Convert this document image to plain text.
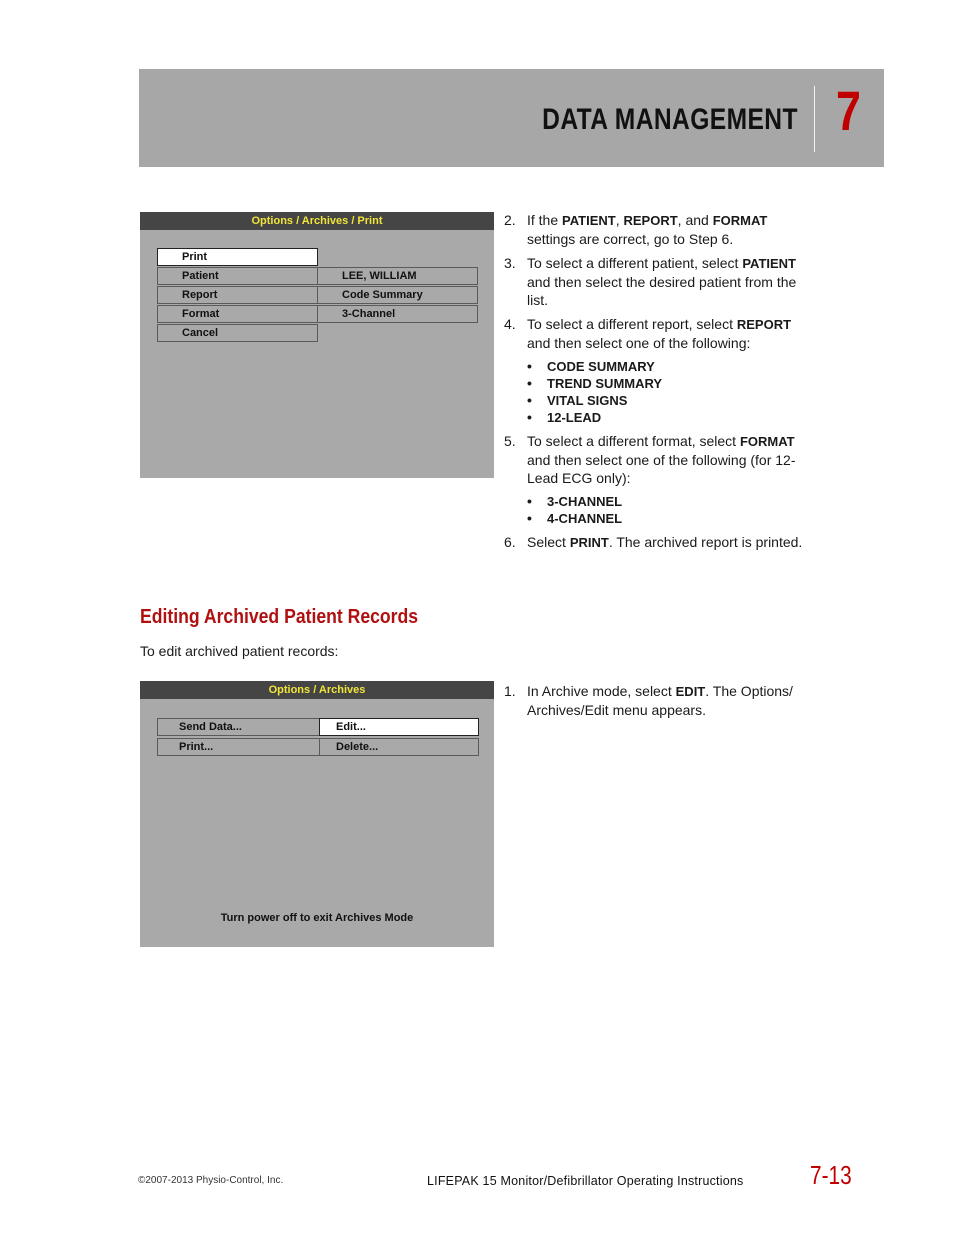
DATA MANAGEMENT 7
Options / Archives / Print
Print
Patient	LEE, WILLIAM
Report	Code Summary
Format	3-Channel
Cancel
2. If the PATIENT, REPORT, and FORMAT settings are correct, go to Step 6.
3. To select a different patient, select PATIENT and then select the desired patient from the list.
4. To select a different report, select REPORT and then select one of the following:
• CODE SUMMARY
• TREND SUMMARY
• VITAL SIGNS
• 12-LEAD
5. To select a different format, select FORMAT and then select one of the following (for 12-Lead ECG only):
• 3-CHANNEL
• 4-CHANNEL
6. Select PRINT. The archived report is printed.
Editing Archived Patient Records
To edit archived patient records:
Options / Archives
Send Data...	Edit...
Print...	Delete...
Turn power off to exit Archives Mode
1. In Archive mode, select EDIT. The Options/ Archives/Edit menu appears.
©2007-2013 Physio-Control, Inc.	LIFEPAK 15 Monitor/Defibrillator Operating Instructions	7-13
